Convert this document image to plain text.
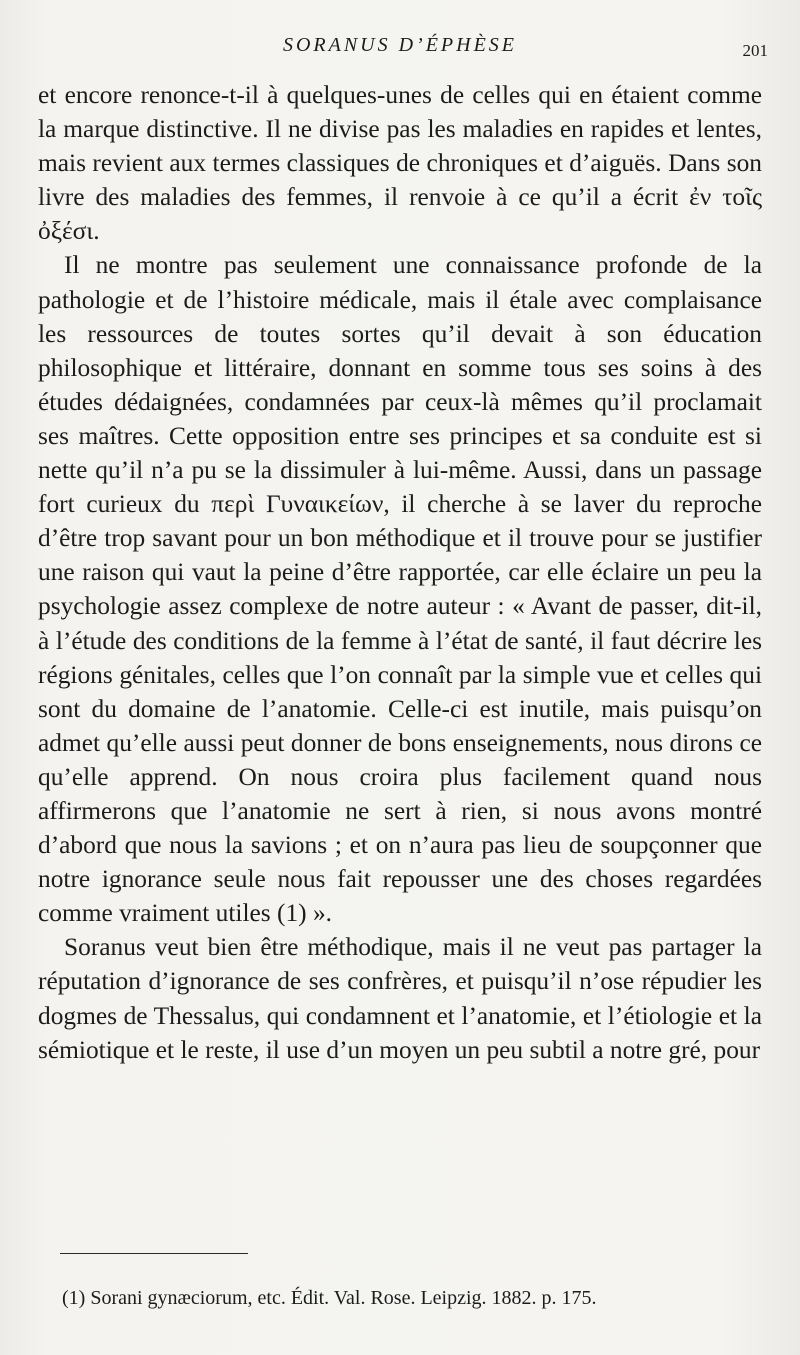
SORANUS D’ÉPHÈSE	201

et encore renonce-t-il à quelques-unes de celles qui en étaient comme la marque distinctive. Il ne divise pas les maladies en rapides et lentes, mais revient aux termes classiques de chroniques et d’aiguës. Dans son livre des maladies des femmes, il renvoie à ce qu’il a écrit ἐν τοῖς ὀξέσι.

Il ne montre pas seulement une connaissance profonde de la pathologie et de l’histoire médicale, mais il étale avec complaisance les ressources de toutes sortes qu’il devait à son éducation philosophique et littéraire, donnant en somme tous ses soins à des études dédaignées, condamnées par ceux-là mêmes qu’il proclamait ses maîtres. Cette opposition entre ses principes et sa conduite est si nette qu’il n’a pu se la dissimuler à lui-même. Aussi, dans un passage fort curieux du περὶ Γυναικείων, il cherche à se laver du reproche d’être trop savant pour un bon méthodique et il trouve pour se justifier une raison qui vaut la peine d’être rapportée, car elle éclaire un peu la psychologie assez complexe de notre auteur : « Avant de passer, dit-il, à l’étude des conditions de la femme à l’état de santé, il faut décrire les régions génitales, celles que l’on connaît par la simple vue et celles qui sont du domaine de l’anatomie. Celle-ci est inutile, mais puisqu’on admet qu’elle aussi peut donner de bons enseignements, nous dirons ce qu’elle apprend. On nous croira plus facilement quand nous affirmerons que l’anatomie ne sert à rien, si nous avons montré d’abord que nous la savions ; et on n’aura pas lieu de soupçonner que notre ignorance seule nous fait repousser une des choses regardées comme vraiment utiles (1) ».

Soranus veut bien être méthodique, mais il ne veut pas partager la réputation d’ignorance de ses confrères, et puisqu’il n’ose répudier les dogmes de Thessalus, qui condamnent et l’anatomie, et l’étiologie et la sémiotique et le reste, il use d’un moyen un peu subtil a notre gré, pour

(1) Sorani gynæciorum, etc. Édit. Val. Rose. Leipzig. 1882. p. 175.
